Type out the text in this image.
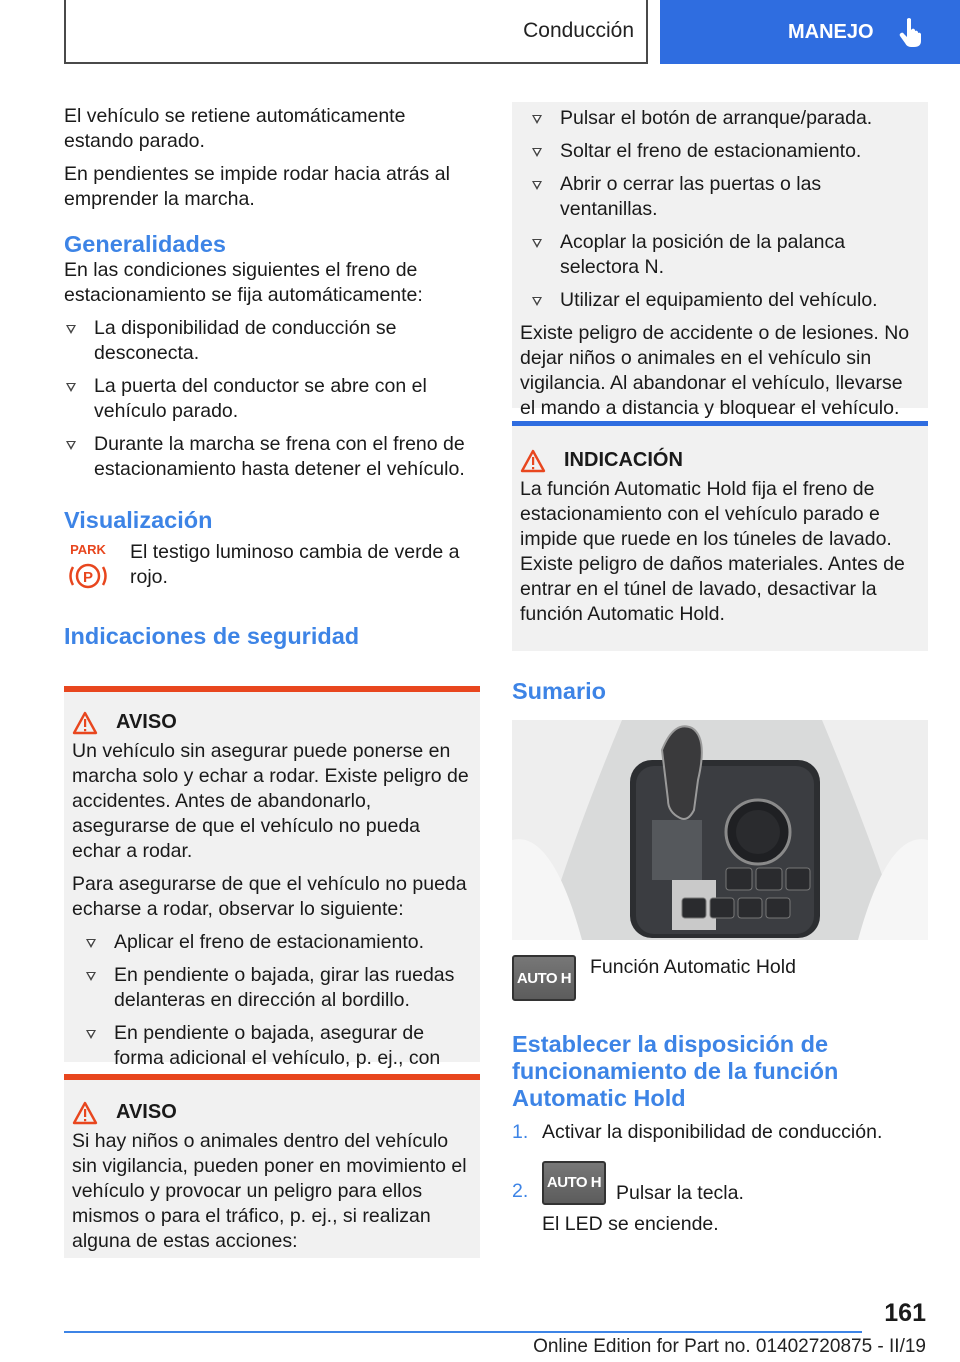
Conducción	MANEJO

El vehículo se retiene automáticamente estando parado.

En pendientes se impide rodar hacia atrás al emprender la marcha.

Generalidades

En las condiciones siguientes el freno de estacionamiento se fija automáticamente:

La disponibilidad de conducción se desconecta.
La puerta del conductor se abre con el vehículo parado.
Durante la marcha se frena con el freno de estacionamiento hasta detener el vehículo.
Visualización
PARK
P

El testigo luminoso cambia de verde a rojo.

Indicaciones de seguridad
AVISO

Un vehículo sin asegurar puede ponerse en marcha solo y echar a rodar. Existe peligro de accidentes. Antes de abandonarlo, asegurarse de que el vehículo no pueda echar a rodar.

Para asegurarse de que el vehículo no pueda echarse a rodar, observar lo siguiente:

Aplicar el freno de estacionamiento.
En pendiente o bajada, girar las ruedas delanteras en dirección al bordillo.
En pendiente o bajada, asegurar de forma adicional el vehículo, p. ej., con
AVISO

Si hay niños o animales dentro del vehículo sin vigilancia, pueden poner en movimiento el vehículo y provocar un peligro para ellos mismos o para el tráfico, p. ej., si realizan alguna de estas acciones:

Pulsar el botón de arranque/parada.
Soltar el freno de estacionamiento.
Abrir o cerrar las puertas o las ventanillas.
Acoplar la posición de la palanca selectora N.
Utilizar el equipamiento del vehículo.

Existe peligro de accidente o de lesiones. No dejar niños o animales en el vehículo sin vigilancia. Al abandonar el vehículo, llevarse el mando a distancia y bloquear el vehículo.

INDICACIÓN

La función Automatic Hold fija el freno de estacionamiento con el vehículo parado e impide que ruede en los túneles de lavado. Existe peligro de daños materiales. Antes de entrar en el túnel de lavado, desactivar la función Automatic Hold.

Sumario
AUTO H Función Automatic Hold
Establecer la disposición de funcionamiento de la función Automatic Hold
1. Activar la disponibilidad de conducción.
2. AUTO H Pulsar la tecla.

El LED se enciende.

161
Online Edition for Part no. 01402720875 - II/19
